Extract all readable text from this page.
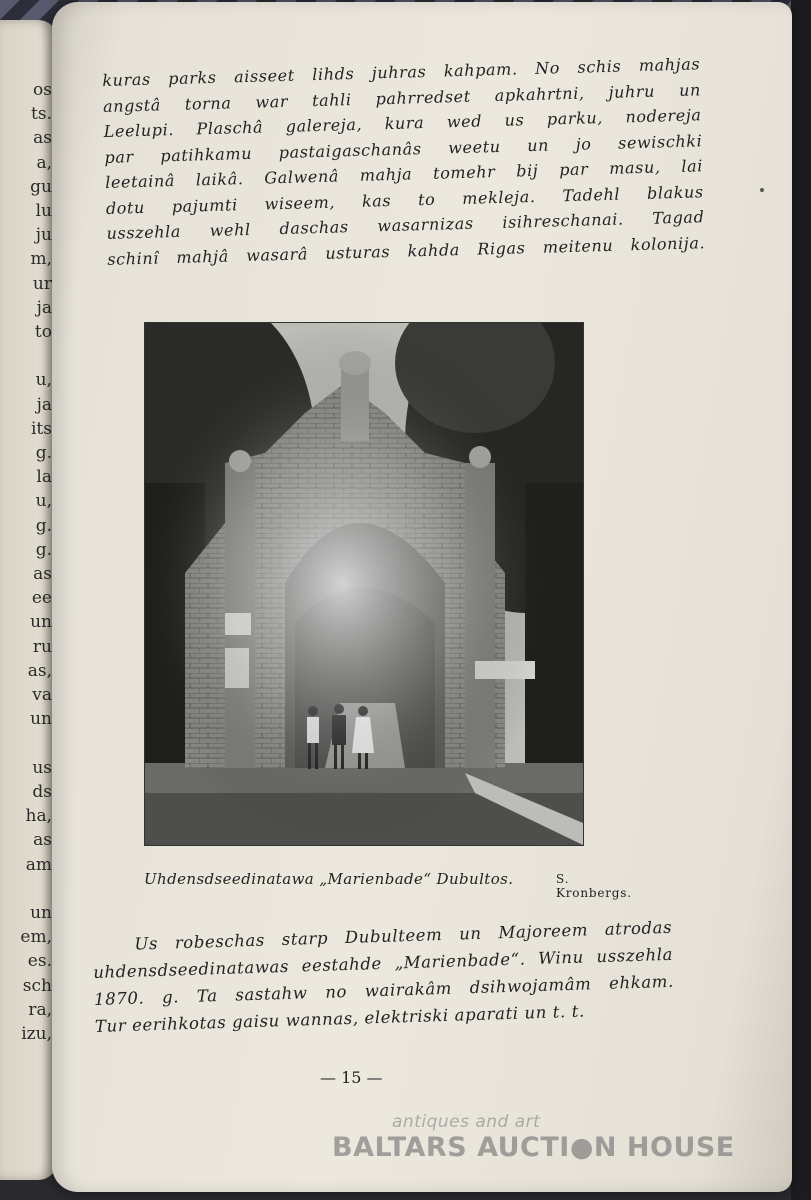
os
ts.
as
a,
gu
lu
ju
m,
ur
ja
to

u,
ja
its
g.
la
u,
g.
g.
as
ee
un
ru
as,
va
un

us
ds
ha,
as
am

un
em,
es.
sch
ra,
izu,
kuras parks aisseet lihds juhras kahpam. No schis mahjas
angstâ torna war tahli pahrredset apkahrtni, juhru un
Leelupi. Plaschâ galereja, kura wed us parku, nodereja
par patihkamu pastaigaschanâs weetu un jo sewischki
leetainâ laikâ. Galwenâ mahja tomehr bij par masu, lai
dotu pajumti wiseem, kas to mekleja. Tadehl blakus
usszehla wehl daschas wasarnizas isihreschanai. Tagad
schinî mahjâ wasarâ usturas kahda Rigas meitenu kolonija.
Uhdensdseedinatawa „Marienbade“ Dubultos.	S. Kronbergs.
Us robeschas starp Dubulteem un Majoreem atrodas
uhdensdseedinatawas eestahde „Marienbade“. Winu usszehla
1870. g. Ta sastahw no wairakâm dsihwojamâm ehkam.
Tur eerihkotas gaisu wannas, elektriski aparati un t. t.
— 15 —
antiques and art
BALTARS AUCTI●N HOUSE
